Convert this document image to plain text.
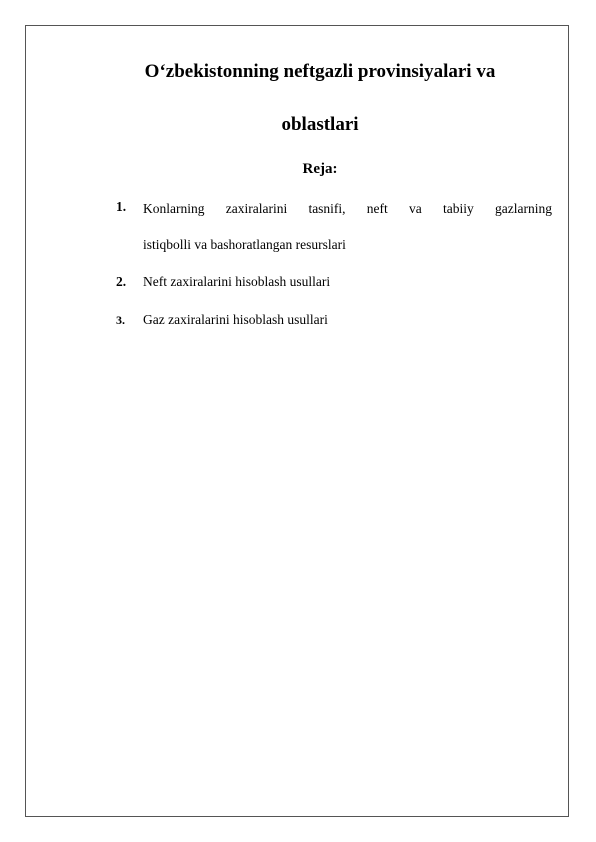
O‘zbekistonning neftgazli provinsiyalari va
oblastlari
Reja:
1. Konlarning zaxiralarini tasnifi, neft va tabiiy gazlarning
istiqbolli va bashoratlangan resurslari
2. Neft zaxiralarini hisoblash usullari
3. Gaz zaxiralarini hisoblash usullari
